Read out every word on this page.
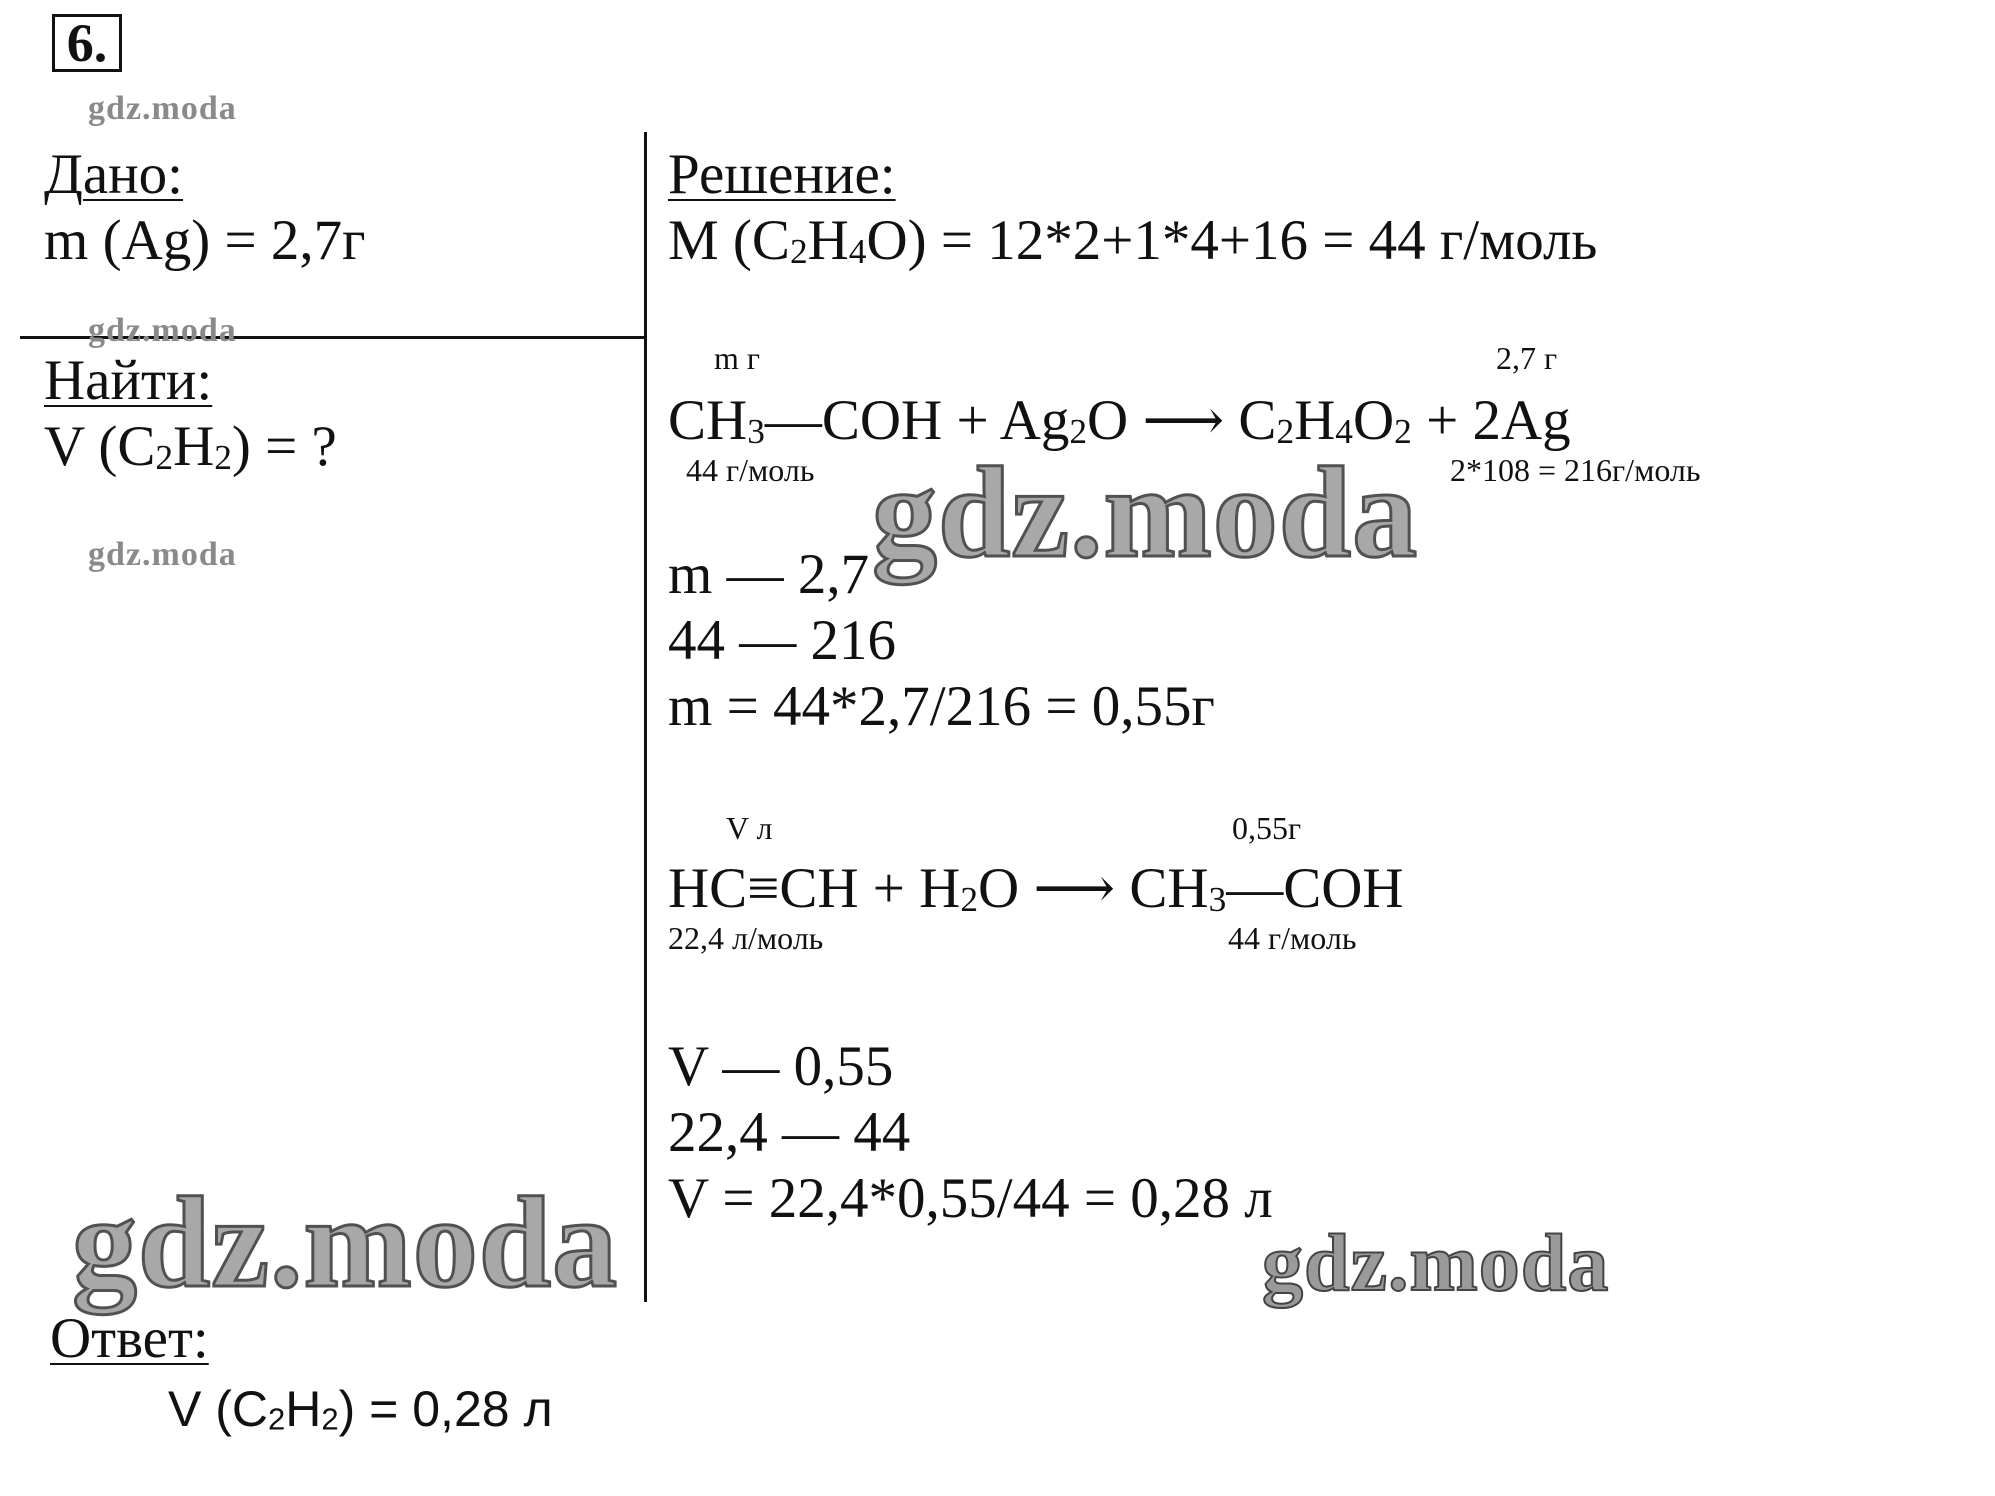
6.
gdz.moda
gdz.moda
gdz.moda	gdz.moda
gdz.moda	gdz.moda
Дано:
m (Ag) = 2,7г
Найти:
V $(C_2H_2)$ = ?
Решение:
M $(C_2H_4O) = 12*2+1*4+16 = 44$ г/моль
m г	2,7 г
$CH_3—COH + Ag_2O$ ⟶ $C_2H_4O_2 + 2Ag$
44 г/моль	2*108 = 216г/моль
m — 2,7
44 — 216
m = 44*2,7/216 = 0,55г
V л	0,55г
$HC\equiv CH + H_2O$ ⟶ $CH_3—COH$
22,4 л/моль	44 г/моль
V — 0,55
22,4 — 44
V = 22,4*0,55/44 = 0,28 л
Ответ:
V $(C_2H_2) = 0,28$ л
